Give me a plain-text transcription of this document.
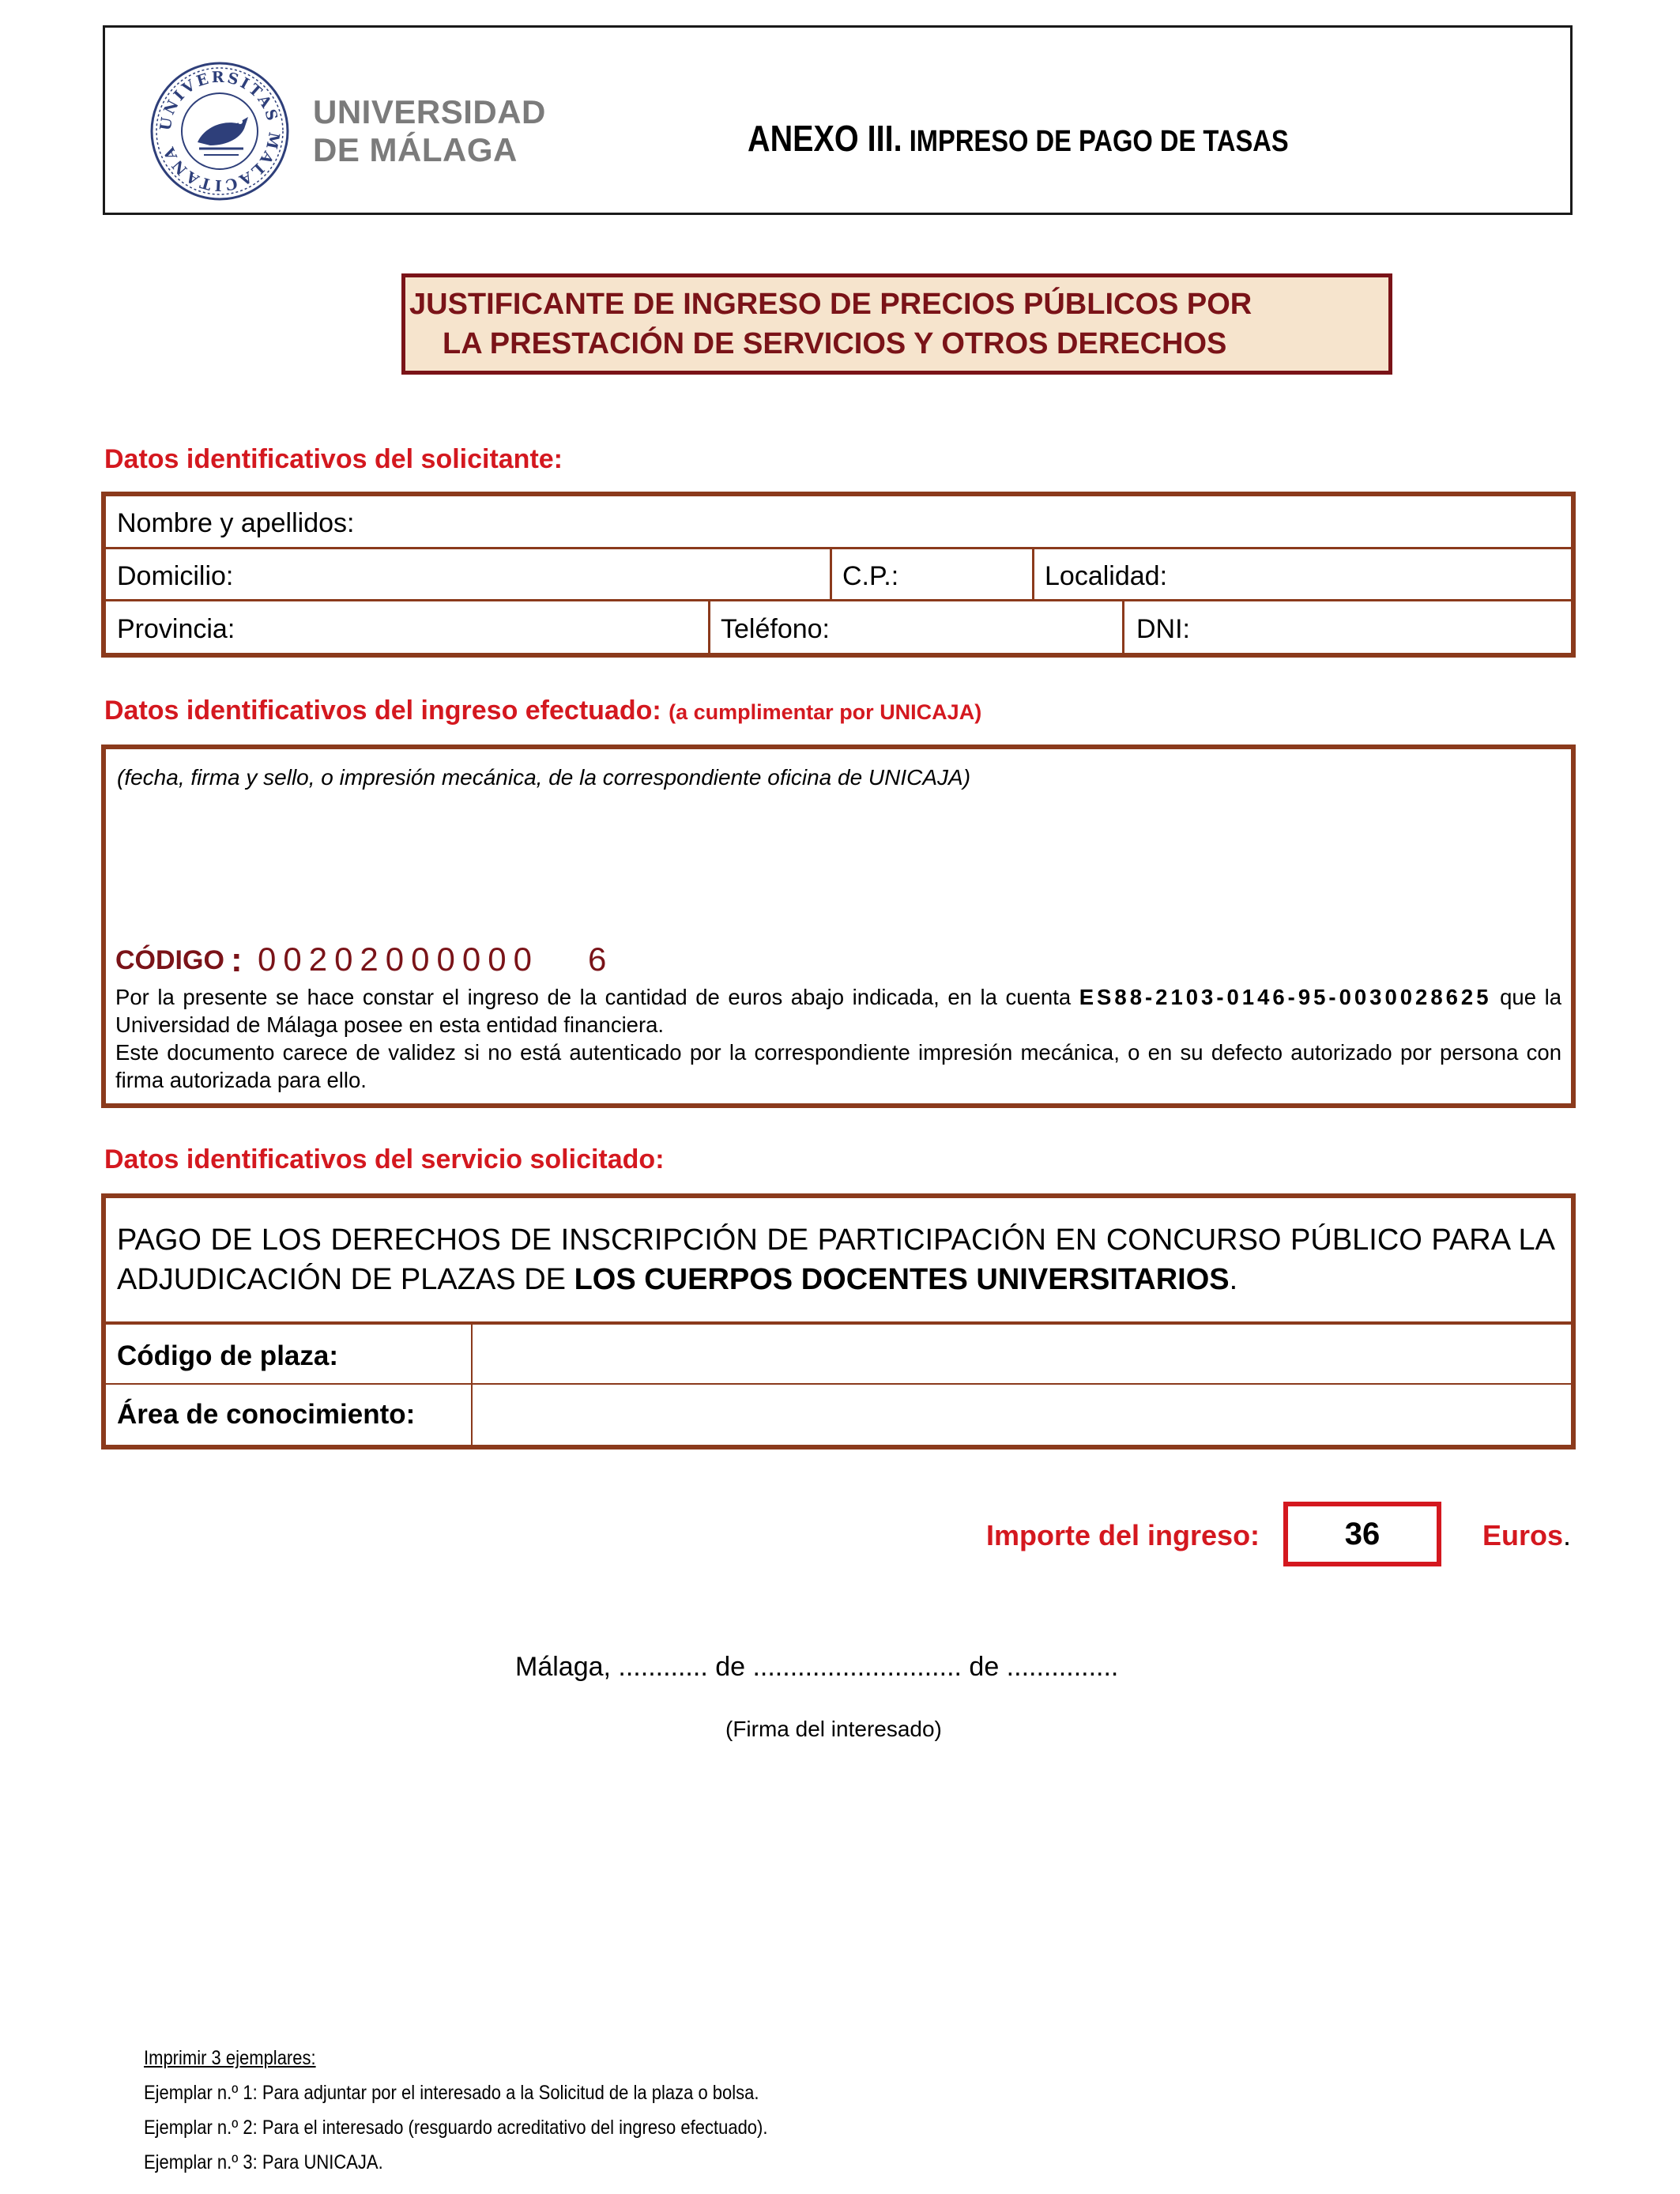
UNIVERSITAS MALACITANA
UNIVERSIDAD
DE MÁLAGA	ANEXO III. IMPRESO DE PAGO DE TASAS
JUSTIFICANTE DE INGRESO DE PRECIOS PÚBLICOS POR
LA PRESTACIÓN DE SERVICIOS Y OTROS DERECHOS
Datos identificativos del solicitante:
Nombre y apellidos:
Domicilio:	C.P.:	Localidad:
Provincia:	Teléfono:	DNI:
Datos identificativos del ingreso efectuado: (a cumplimentar por UNICAJA)
(fecha, firma y sello, o impresión mecánica, de la correspondiente oficina de UNICAJA)
CÓDIGO : 00202000000   6
Por la presente se hace constar el ingreso de la cantidad de euros abajo indicada, en la cuenta ES88-2103-0146-95-0030028625 que la Universidad de Málaga posee en esta entidad financiera.
Este documento carece de validez si no está autenticado por la correspondiente impresión mecánica, o en su defecto autorizado por persona con firma autorizada para ello.
Datos identificativos del servicio solicitado:
PAGO DE LOS DERECHOS DE INSCRIPCIÓN DE PARTICIPACIÓN EN CONCURSO PÚBLICO PARA LA ADJUDICACIÓN DE PLAZAS DE LOS CUERPOS DOCENTES UNIVERSITARIOS.
Código de plaza:
Área de conocimiento:
Importe del ingreso:	36	Euros.
Málaga, ............ de ............................ de ...............
(Firma del interesado)
Imprimir 3 ejemplares:
Ejemplar n.º 1: Para adjuntar por el interesado a la Solicitud de la plaza o bolsa.
Ejemplar n.º 2: Para el interesado (resguardo acreditativo del ingreso efectuado).
Ejemplar n.º 3: Para UNICAJA.
